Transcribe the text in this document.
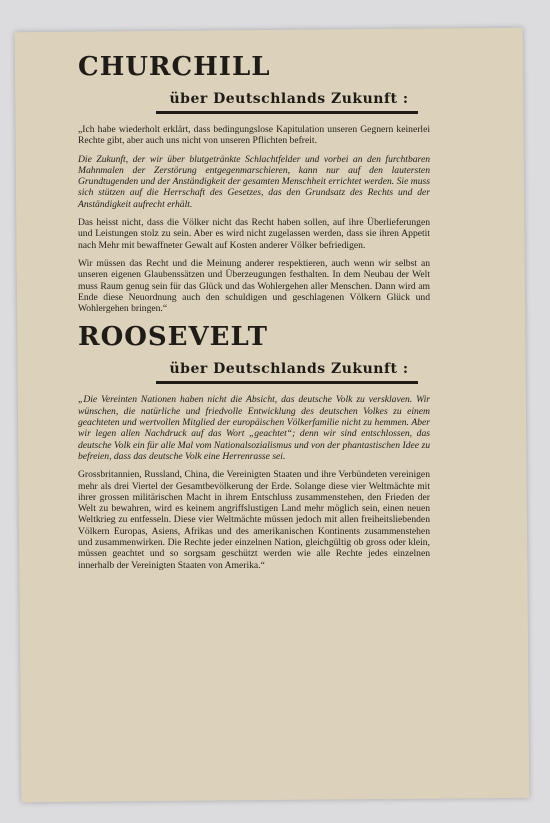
CHURCHILL
über Deutschlands Zukunft :

„Ich habe wiederholt erklärt, dass bedingungslose Kapitulation unseren Gegnern keinerlei Rechte gibt, aber auch uns nicht von unseren Pflichten befreit.

Die Zukunft, der wir über blutgetränkte Schlachtfelder und vorbei an den furchtbaren Mahnmalen der Zerstörung entgegenmarschieren, kann nur auf den lautersten Grundtugenden und der Anständigkeit der gesamten Menschheit errichtet werden. Sie muss sich stützen auf die Herrschaft des Gesetzes, das den Grundsatz des Rechts und der Anständigkeit aufrecht erhält.

Das heisst nicht, dass die Völker nicht das Recht haben sollen, auf ihre Überlieferungen und Leistungen stolz zu sein. Aber es wird nicht zugelassen werden, dass sie ihren Appetit nach Mehr mit bewaffneter Gewalt auf Kosten anderer Völker befriedigen.

Wir müssen das Recht und die Meinung anderer respektieren, auch wenn wir selbst an unseren eigenen Glaubenssätzen und Überzeugungen festhalten. In dem Neubau der Welt muss Raum genug sein für das Glück und das Wohlergehen aller Menschen. Dann wird am Ende diese Neuordnung auch den schuldigen und geschlagenen Völkern Glück und Wohlergehen bringen.“

ROOSEVELT
über Deutschlands Zukunft :

„Die Vereinten Nationen haben nicht die Absicht, das deutsche Volk zu versklaven. Wir wünschen, die natürliche und friedvolle Entwicklung des deutschen Volkes zu einem geachteten und wertvollen Mitglied der europäischen Völkerfamilie nicht zu hemmen. Aber wir legen allen Nachdruck auf das Wort „geachtet“; denn wir sind entschlossen, das deutsche Volk ein für alle Mal vom Nationalsozialismus und von der phantastischen Idee zu befreien, dass das deutsche Volk eine Herrenrasse sei.

Grossbritannien, Russland, China, die Vereinigten Staaten und ihre Verbündeten vereinigen mehr als drei Viertel der Gesamtbevölkerung der Erde. Solange diese vier Weltmächte mit ihrer grossen militärischen Macht in ihrem Entschluss zusammenstehen, den Frieden der Welt zu bewahren, wird es keinem angriffslustigen Land mehr möglich sein, einen neuen Weltkrieg zu entfesseln. Diese vier Weltmächte müssen jedoch mit allen freiheitsliebenden Völkern Europas, Asiens, Afrikas und des amerikanischen Kontinents zusammenstehen und zusammenwirken. Die Rechte jeder einzelnen Nation, gleichgültig ob gross oder klein, müssen geachtet und so sorgsam geschützt werden wie alle Rechte jedes einzelnen innerhalb der Vereinigten Staaten von Amerika.“
